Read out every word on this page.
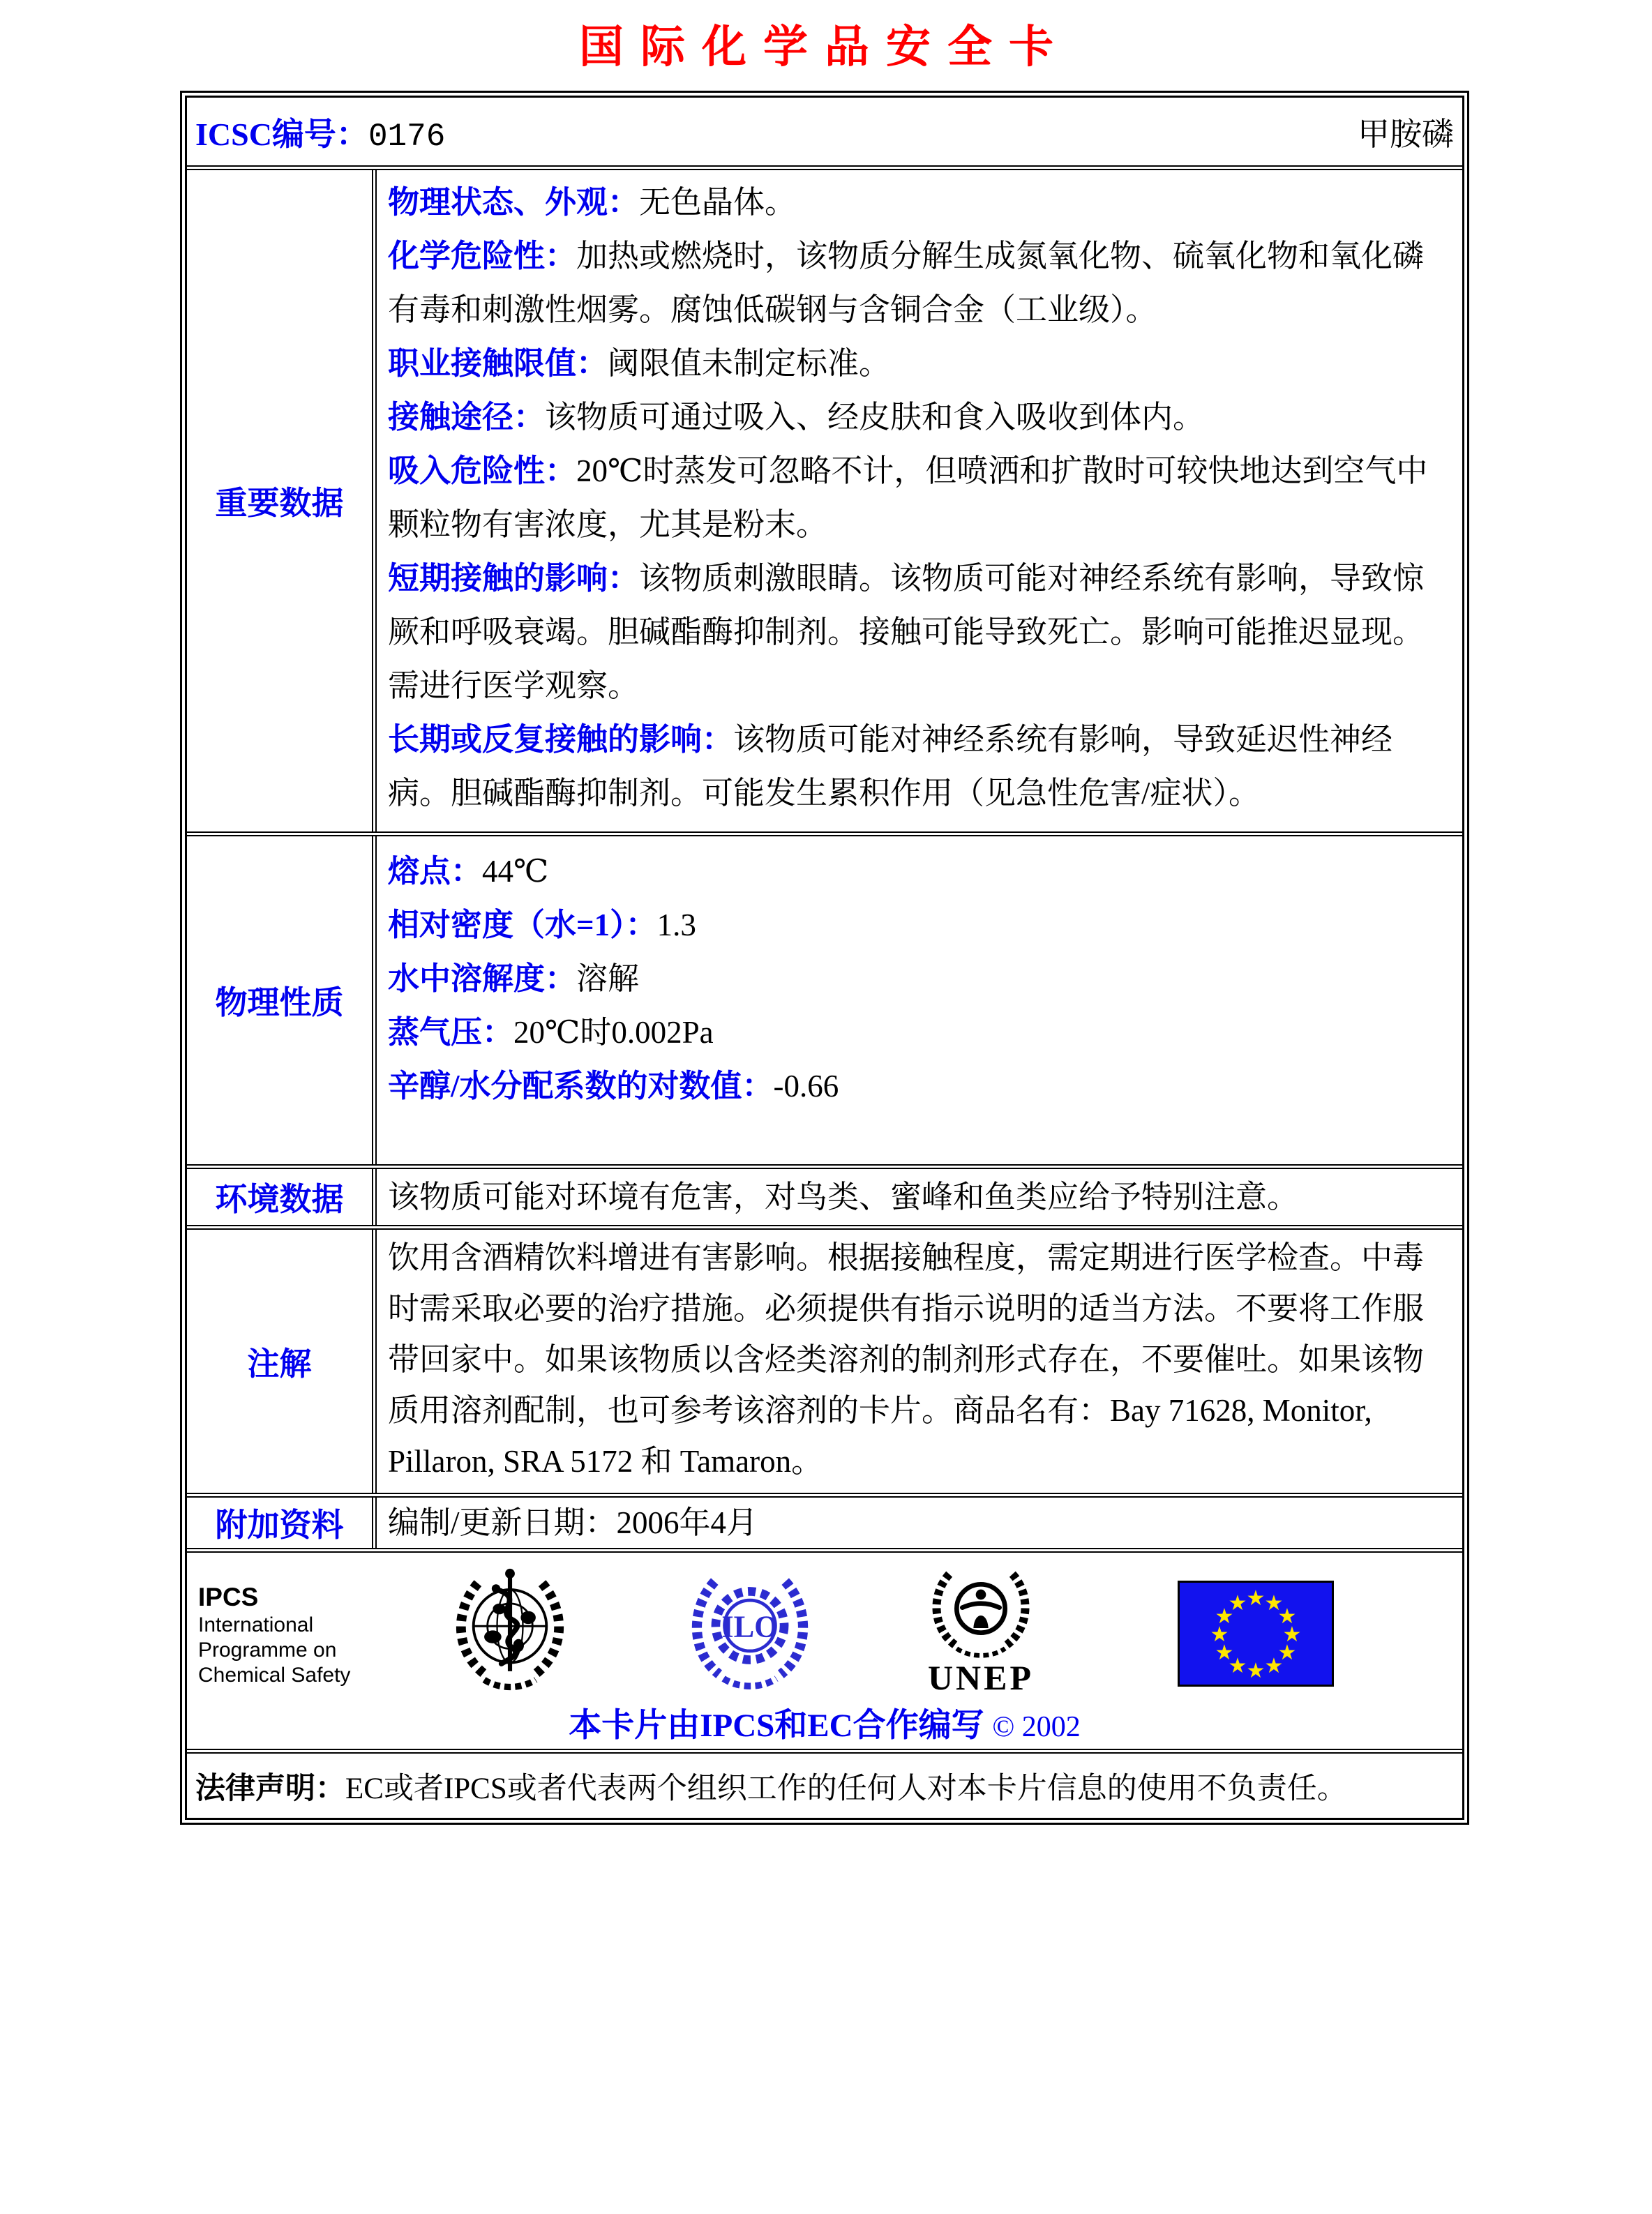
国际化学品安全卡
ICSC编号：0176	甲胺磷
重要数据
物理状态、外观：无色晶体。
化学危险性：加热或燃烧时，该物质分解生成氮氧化物、硫氧化物和氧化磷有毒和刺激性烟雾。腐蚀低碳钢与含铜合金（工业级）。
职业接触限值：阈限值未制定标准。
接触途径：该物质可通过吸入、经皮肤和食入吸收到体内。
吸入危险性：20℃时蒸发可忽略不计，但喷洒和扩散时可较快地达到空气中颗粒物有害浓度，尤其是粉末。
短期接触的影响：该物质刺激眼睛。该物质可能对神经系统有影响，导致惊厥和呼吸衰竭。胆碱酯酶抑制剂。接触可能导致死亡。影响可能推迟显现。需进行医学观察。
长期或反复接触的影响：该物质可能对神经系统有影响，导致延迟性神经病。胆碱酯酶抑制剂。可能发生累积作用（见急性危害/症状）。
物理性质
熔点：44℃
相对密度（水=1）：1.3
水中溶解度：溶解
蒸气压：20℃时0.002Pa
辛醇/水分配系数的对数值：-0.66
环境数据	该物质可能对环境有危害，对鸟类、蜜峰和鱼类应给予特别注意。
注解
饮用含酒精饮料增进有害影响。根据接触程度，需定期进行医学检查。中毒时需采取必要的治疗措施。必须提供有指示说明的适当方法。不要将工作服带回家中。如果该物质以含烃类溶剂的制剂形式存在，不要催吐。如果该物质用溶剂配制，也可参考该溶剂的卡片。商品名有：Bay 71628, Monitor, Pillaron, SRA 5172 和 Tamaron。
附加资料	编制/更新日期：2006年4月
IPCS
International
Programme on
Chemical Safety
ILO
UNEP
★ ★
★
★
★
★
★
★
★
★
★
★
本卡片由IPCS和EC合作编写 © 2002
法律声明： EC或者IPCS或者代表两个组织工作的任何人对本卡片信息的使用不负责任。
